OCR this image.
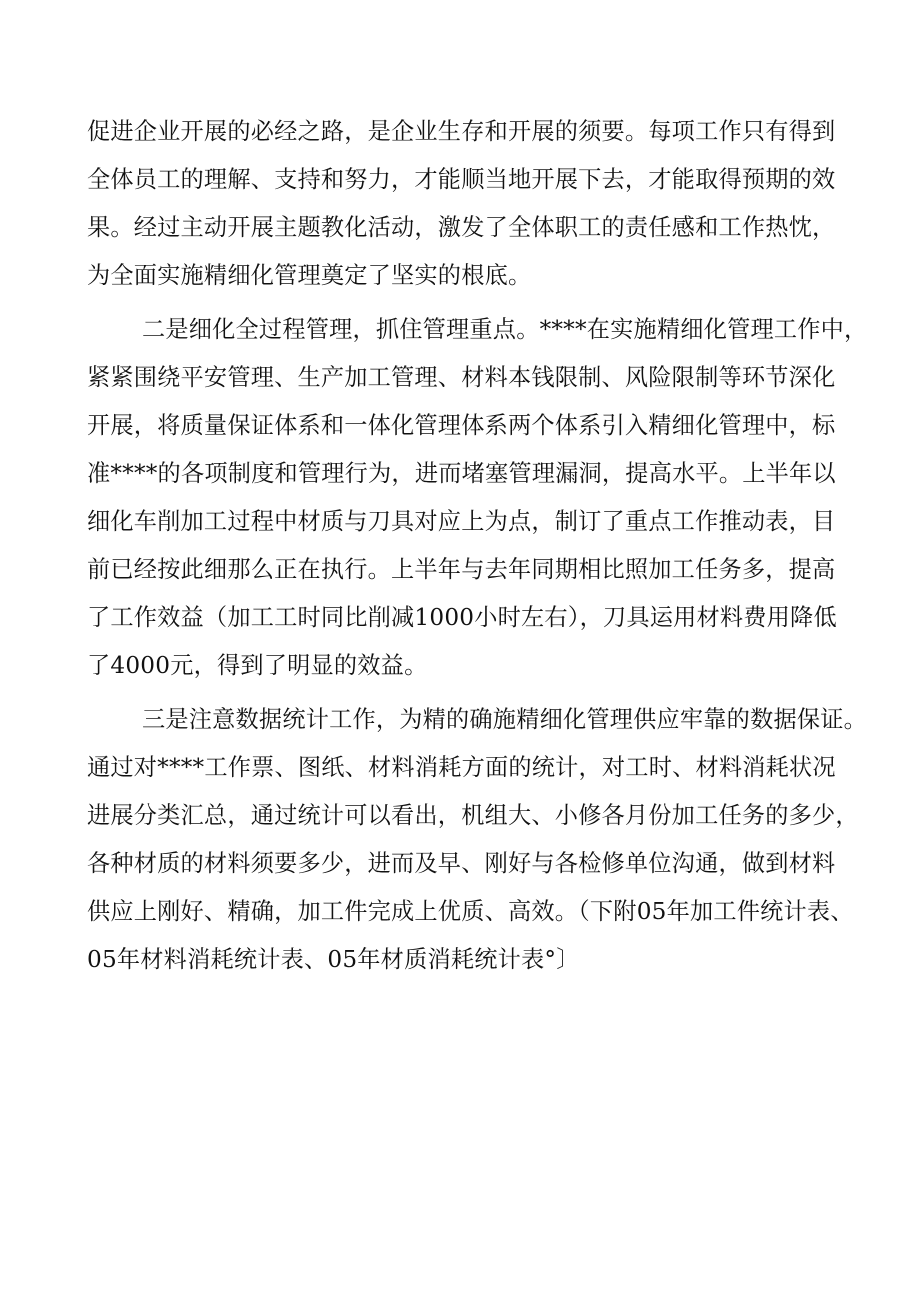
促进企业开展的必经之路，是企业生存和开展的须要。每项工作只有得到
全体员工的理解、支持和努力，才能顺当地开展下去，才能取得预期的效
果。经过主动开展主题教化活动，激发了全体职工的责任感和工作热忱，
为全面实施精细化管理奠定了坚实的根底。
二是细化全过程管理，抓住管理重点。****在实施精细化管理工作中，
紧紧围绕平安管理、生产加工管理、材料本钱限制、风险限制等环节深化
开展，将质量保证体系和一体化管理体系两个体系引入精细化管理中，标
准****的各项制度和管理行为，进而堵塞管理漏洞，提高水平。上半年以
细化车削加工过程中材质与刀具对应上为点，制订了重点工作推动表，目
前已经按此细那么正在执行。上半年与去年同期相比照加工任务多，提高
了工作效益（加工工时同比削减1000小时左右），刀具运用材料费用降低
了4000元，得到了明显的效益。
三是注意数据统计工作，为精的确施精细化管理供应牢靠的数据保证。
通过对****工作票、图纸、材料消耗方面的统计，对工时、材料消耗状况
进展分类汇总，通过统计可以看出，机组大、小修各月份加工任务的多少，
各种材质的材料须要多少，进而及早、刚好与各检修单位沟通，做到材料
供应上刚好、精确，加工件完成上优质、高效。（下附05年加工件统计表、
05年材料消耗统计表、05年材质消耗统计表°〕
